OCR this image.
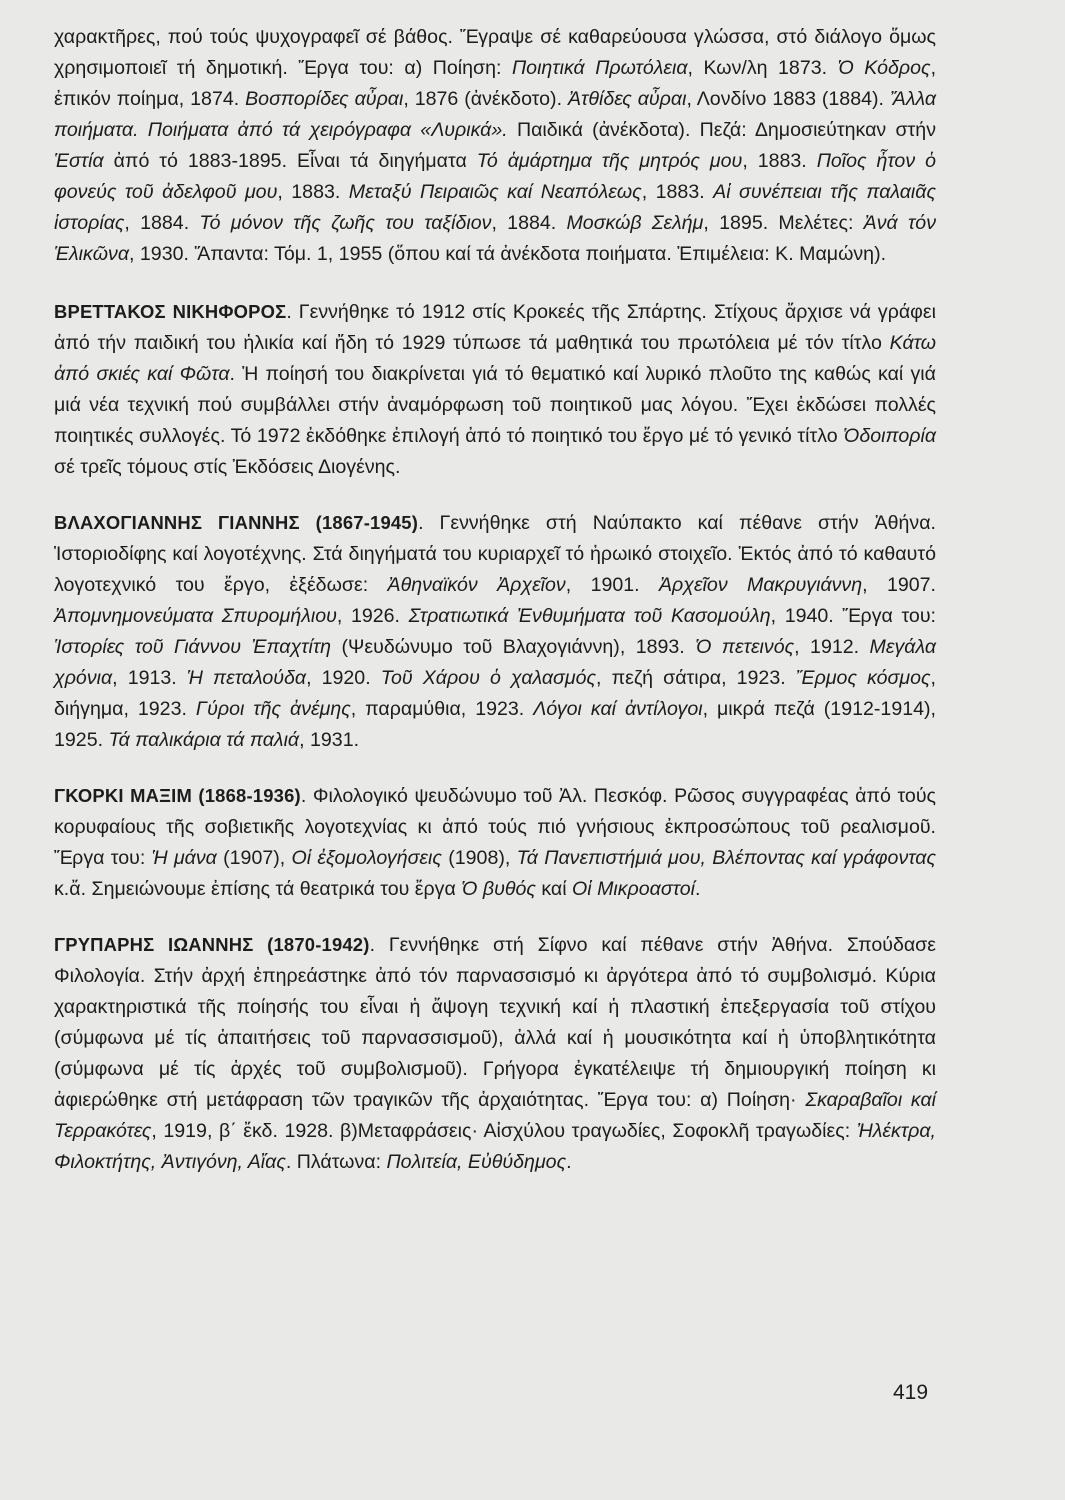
χαρακτῆρες, πού τούς ψυχογραφεῖ σέ βάθος. Ἔγραψε σέ καθαρεύουσα γλώσσα, στό διάλογο ὅμως χρησιμοποιεῖ τή δημοτική. Ἔργα του: α) Ποίηση: Ποιητικά Πρωτόλεια, Κων/λη 1873. Ὁ Κόδρος, ἐπικόν ποίημα, 1874. Βοσπορίδες αὖραι, 1876 (ἀνέκδοτο). Ἀτθίδες αὖραι, Λονδίνο 1883 (1884). Ἄλλα ποιήματα. Ποιήματα ἀπό τά χειρόγραφα «Λυρικά». Παιδικά (ἀνέκδοτα). Πεζά: Δημοσιεύτηκαν στήν Ἑστία ἀπό τό 1883-1895. Εἶναι τά διηγήματα Τό ἁμάρτημα τῆς μητρός μου, 1883. Ποῖος ἦτον ὁ φονεύς τοῦ ἀδελφοῦ μου, 1883. Μεταξύ Πειραιῶς καί Νεαπόλεως, 1883. Αἱ συνέπειαι τῆς παλαιᾶς ἱστορίας, 1884. Τό μόνον τῆς ζωῆς του ταξίδιον, 1884. Μοσκώβ Σελήμ, 1895. Μελέτες: Ἀνά τόν Ἑλικῶνα, 1930. Ἅπαντα: Τόμ. 1, 1955 (ὅπου καί τά ἀνέκδοτα ποιήματα. Ἐπιμέλεια: Κ. Μαμώνη).

ΒΡΕΤΤΑΚΟΣ ΝΙΚΗΦΟΡΟΣ. Γεννήθηκε τό 1912 στίς Κροκεές τῆς Σπάρτης. Στίχους ἄρχισε νά γράφει ἀπό τήν παιδική του ἡλικία καί ἤδη τό 1929 τύπωσε τά μαθητικά του πρωτόλεια μέ τόν τίτλο Κάτω ἀπό σκιές καί Φῶτα. Ἡ ποίησή του διακρίνεται γιά τό θεματικό καί λυρικό πλοῦτο της καθώς καί γιά μιά νέα τεχνική πού συμβάλλει στήν ἀναμόρφωση τοῦ ποιητικοῦ μας λόγου. Ἔχει ἐκδώσει πολλές ποιητικές συλλογές. Τό 1972 ἐκδόθηκε ἐπιλογή ἀπό τό ποιητικό του ἔργο μέ τό γενικό τίτλο Ὁδοιπορία σέ τρεῖς τόμους στίς Ἐκδόσεις Διογένης.

ΒΛΑΧΟΓΙΑΝΝΗΣ ΓΙΑΝΝΗΣ (1867-1945). Γεννήθηκε στή Ναύπακτο καί πέθανε στήν Ἀθήνα. Ἱστοριοδίφης καί λογοτέχνης. Στά διηγήματά του κυριαρχεῖ τό ἡρωικό στοιχεῖο. Ἐκτός ἀπό τό καθαυτό λογοτεχνικό του ἔργο, ἐξέδωσε: Ἀθηναϊκόν Ἀρχεῖον, 1901. Ἀρχεῖον Μακρυγιάννη, 1907. Ἀπομνημονεύματα Σπυρομήλιου, 1926. Στρατιωτικά Ἐνθυμήματα τοῦ Κασομούλη, 1940. Ἔργα του: Ἱστορίες τοῦ Γιάννου Ἐπαχτίτη (Ψευδώνυμο τοῦ Βλαχογιάννη), 1893. Ὁ πετεινός, 1912. Μεγάλα χρόνια, 1913. Ἡ πεταλούδα, 1920. Τοῦ Χάρου ὁ χαλασμός, πεζή σάτιρα, 1923. Ἔρμος κόσμος, διήγημα, 1923. Γύροι τῆς ἀνέμης, παραμύθια, 1923. Λόγοι καί ἀντίλογοι, μικρά πεζά (1912-1914), 1925. Τά παλικάρια τά παλιά, 1931.

ΓΚΟΡΚΙ ΜΑΞΙΜ (1868-1936). Φιλολογικό ψευδώνυμο τοῦ Ἀλ. Πεσκόφ. Ρῶσος συγγραφέας ἀπό τούς κορυφαίους τῆς σοβιετικῆς λογοτεχνίας κι ἀπό τούς πιό γνήσιους ἐκπροσώπους τοῦ ρεαλισμοῦ. Ἔργα του: Ἡ μάνα (1907), Οἱ ἐξομολογήσεις (1908), Τά Πανεπιστήμιά μου, Βλέποντας καί γράφοντας κ.ἄ. Σημειώνουμε ἐπίσης τά θεατρικά του ἔργα Ὁ βυθός καί Οἱ Μικροαστοί.

ΓΡΥΠΑΡΗΣ ΙΩΑΝΝΗΣ (1870-1942). Γεννήθηκε στή Σίφνο καί πέθανε στήν Ἀθήνα. Σπούδασε Φιλολογία. Στήν ἀρχή ἐπηρεάστηκε ἀπό τόν παρνασσισμό κι ἀργότερα ἀπό τό συμβολισμό. Κύρια χαρακτηριστικά τῆς ποίησής του εἶναι ἡ ἄψογη τεχνική καί ἡ πλαστική ἐπεξεργασία τοῦ στίχου (σύμφωνα μέ τίς ἀπαιτήσεις τοῦ παρνασσισμοῦ), ἀλλά καί ἡ μουσικότητα καί ἡ ὑποβλητικότητα (σύμφωνα μέ τίς ἀρχές τοῦ συμβολισμοῦ). Γρήγορα ἐγκατέλειψε τή δημιουργική ποίηση κι ἀφιερώθηκε στή μετάφραση τῶν τραγικῶν τῆς ἀρχαιότητας. Ἔργα του: α) Ποίηση· Σκαραβαῖοι καί Τερρακότες, 1919, β΄ ἔκδ. 1928. β)Μεταφράσεις· Αἰσχύλου τραγωδίες, Σοφοκλῆ τραγωδίες: Ἠλέκτρα, Φιλοκτήτης, Ἀντιγόνη, Αἴας. Πλάτωνα: Πολιτεία, Εὐθύδημος.

419
